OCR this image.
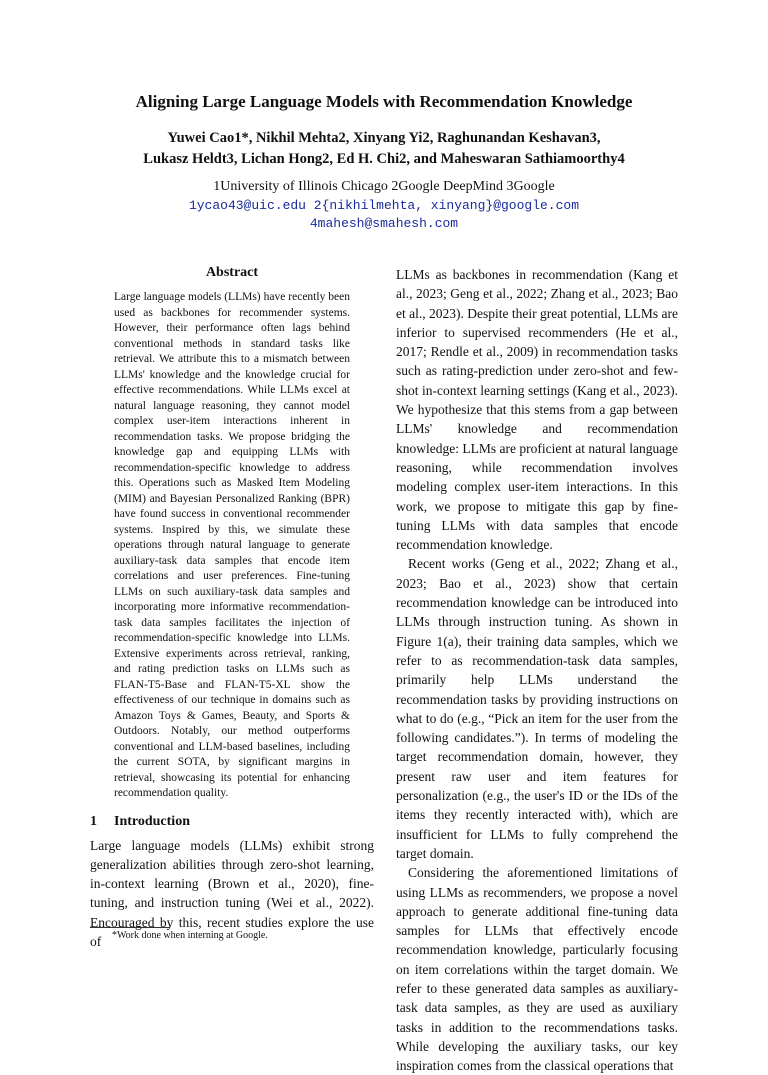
Aligning Large Language Models with Recommendation Knowledge
Yuwei Cao1*, Nikhil Mehta2, Xinyang Yi2, Raghunandan Keshavan3,
Lukasz Heldt3, Lichan Hong2, Ed H. Chi2, and Maheswaran Sathiamoorthy4
1University of Illinois Chicago 2Google DeepMind 3Google
1ycao43@uic.edu 2{nikhilmehta, xinyang}@google.com
4mahesh@smahesh.com
Abstract
Large language models (LLMs) have recently been used as backbones for recommender systems. However, their performance often lags behind conventional methods in standard tasks like retrieval. We attribute this to a mismatch between LLMs' knowledge and the knowledge crucial for effective recommendations. While LLMs excel at natural language reasoning, they cannot model complex user-item interactions inherent in recommendation tasks. We propose bridging the knowledge gap and equipping LLMs with recommendation-specific knowledge to address this. Operations such as Masked Item Modeling (MIM) and Bayesian Personalized Ranking (BPR) have found success in conventional recommender systems. Inspired by this, we simulate these operations through natural language to generate auxiliary-task data samples that encode item correlations and user preferences. Fine-tuning LLMs on such auxiliary-task data samples and incorporating more informative recommendation-task data samples facilitates the injection of recommendation-specific knowledge into LLMs. Extensive experiments across retrieval, ranking, and rating prediction tasks on LLMs such as FLAN-T5-Base and FLAN-T5-XL show the effectiveness of our technique in domains such as Amazon Toys & Games, Beauty, and Sports & Outdoors. Notably, our method outperforms conventional and LLM-based baselines, including the current SOTA, by significant margins in retrieval, showcasing its potential for enhancing recommendation quality.
1 Introduction

Large language models (LLMs) exhibit strong generalization abilities through zero-shot learning, in-context learning (Brown et al., 2020), fine-tuning, and instruction tuning (Wei et al., 2022). Encouraged by this, recent studies explore the use of

LLMs as backbones in recommendation (Kang et al., 2023; Geng et al., 2022; Zhang et al., 2023; Bao et al., 2023). Despite their great potential, LLMs are inferior to supervised recommenders (He et al., 2017; Rendle et al., 2009) in recommendation tasks such as rating-prediction under zero-shot and few-shot in-context learning settings (Kang et al., 2023). We hypothesize that this stems from a gap between LLMs' knowledge and recommendation knowledge: LLMs are proficient at natural language reasoning, while recommendation involves modeling complex user-item interactions. In this work, we propose to mitigate this gap by fine-tuning LLMs with data samples that encode recommendation knowledge.

Recent works (Geng et al., 2022; Zhang et al., 2023; Bao et al., 2023) show that certain recommendation knowledge can be introduced into LLMs through instruction tuning. As shown in Figure 1(a), their training data samples, which we refer to as recommendation-task data samples, primarily help LLMs understand the recommendation tasks by providing instructions on what to do (e.g., “Pick an item for the user from the following candidates.”). In terms of modeling the target recommendation domain, however, they present raw user and item features for personalization (e.g., the user's ID or the IDs of the items they recently interacted with), which are insufficient for LLMs to fully comprehend the target domain.

Considering the aforementioned limitations of using LLMs as recommenders, we propose a novel approach to generate additional fine-tuning data samples for LLMs that effectively encode recommendation knowledge, particularly focusing on item correlations within the target domain. We refer to these generated data samples as auxiliary-task data samples, as they are used as auxiliary tasks in addition to the recommendations tasks. While developing the auxiliary tasks, our key inspiration comes from the classical operations that

*Work done when interning at Google.
